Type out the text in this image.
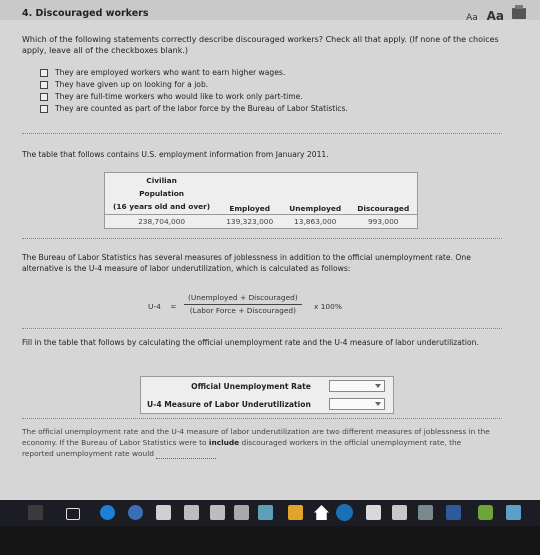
4. Discouraged workers	Aa Aa
Which of the following statements correctly describe discouraged workers? Check all that apply. (If none of the choices apply, leave all of the checkboxes blank.)
They are employed workers who want to earn higher wages.
They have given up on looking for a job.
They are full-time workers who would like to work only part-time.
They are counted as part of the labor force by the Bureau of Labor Statistics.
The table that follows contains U.S. employment information from January 2011.
Civilian
Population
(16 years old and over)	Employed	Unemployed	Discouraged
238,704,000	139,323,000	13,863,000	993,000
The Bureau of Labor Statistics has several measures of joblessness in addition to the official unemployment rate. One alternative is the U-4 measure of labor underutilization, which is calculated as follows:
U-4 =
(Unemployed + Discouraged)
(Labor Force + Discouraged)	x 100%
Fill in the table that follows by calculating the official unemployment rate and the U-4 measure of labor underutilization.
Official Unemployment Rate	

U-4 Measure of Labor Underutilization	
The official unemployment rate and the U-4 measure of labor underutilization are two different measures of joblessness in the economy. If the Bureau of Labor Statistics were to include discouraged workers in the official unemployment rate, the reported unemployment rate would
